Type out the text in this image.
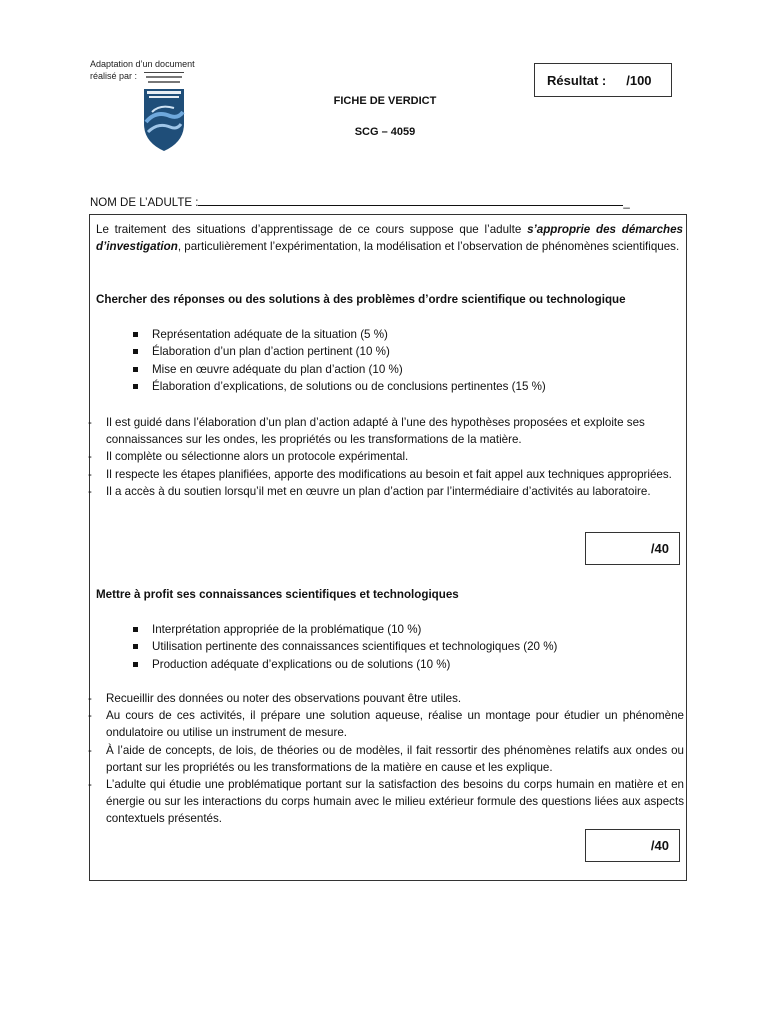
Adaptation d’un document
réalisé par :	Résultat : /100
FICHE DE VERDICT
SCG – 4059
NOM DE L’ADULTE :	_
Le traitement des situations d’apprentissage de ce cours suppose que l’adulte s’approprie des démarches d’investigation, particulièrement l’expérimentation, la modélisation et l’observation de phénomènes scientifiques.
Chercher des réponses ou des solutions à des problèmes d’ordre scientifique ou technologique
Représentation adéquate de la situation (5 %)
Élaboration d’un plan d’action pertinent (10 %)
Mise en œuvre adéquate du plan d’action (10 %)
Élaboration d’explications, de solutions ou de conclusions pertinentes (15 %)
- Il est guidé dans l’élaboration d’un plan d’action adapté à l’une des hypothèses proposées et exploite ses connaissances sur les ondes, les propriétés ou les transformations de la matière.
- Il complète ou sélectionne alors un protocole expérimental.
- Il respecte les étapes planifiées, apporte des modifications au besoin et fait appel aux techniques appropriées.
- Il a accès à du soutien lorsqu’il met en œuvre un plan d’action par l’intermédiaire d’activités au laboratoire.
/40
Mettre à profit ses connaissances scientifiques et technologiques
Interprétation appropriée de la problématique (10 %)
Utilisation pertinente des connaissances scientifiques et technologiques (20 %)
Production adéquate d’explications ou de solutions (10 %)
- Recueillir des données ou noter des observations pouvant être utiles.
- Au cours de ces activités, il prépare une solution aqueuse, réalise un montage pour étudier un phénomène ondulatoire ou utilise un instrument de mesure.
- À l’aide de concepts, de lois, de théories ou de modèles, il fait ressortir des phénomènes relatifs aux ondes ou portant sur les propriétés ou les transformations de la matière en cause et les explique.
- L’adulte qui étudie une problématique portant sur la satisfaction des besoins du corps humain en matière et en énergie ou sur les interactions du corps humain avec le milieu extérieur formule des questions liées aux aspects contextuels présentés.
/40
